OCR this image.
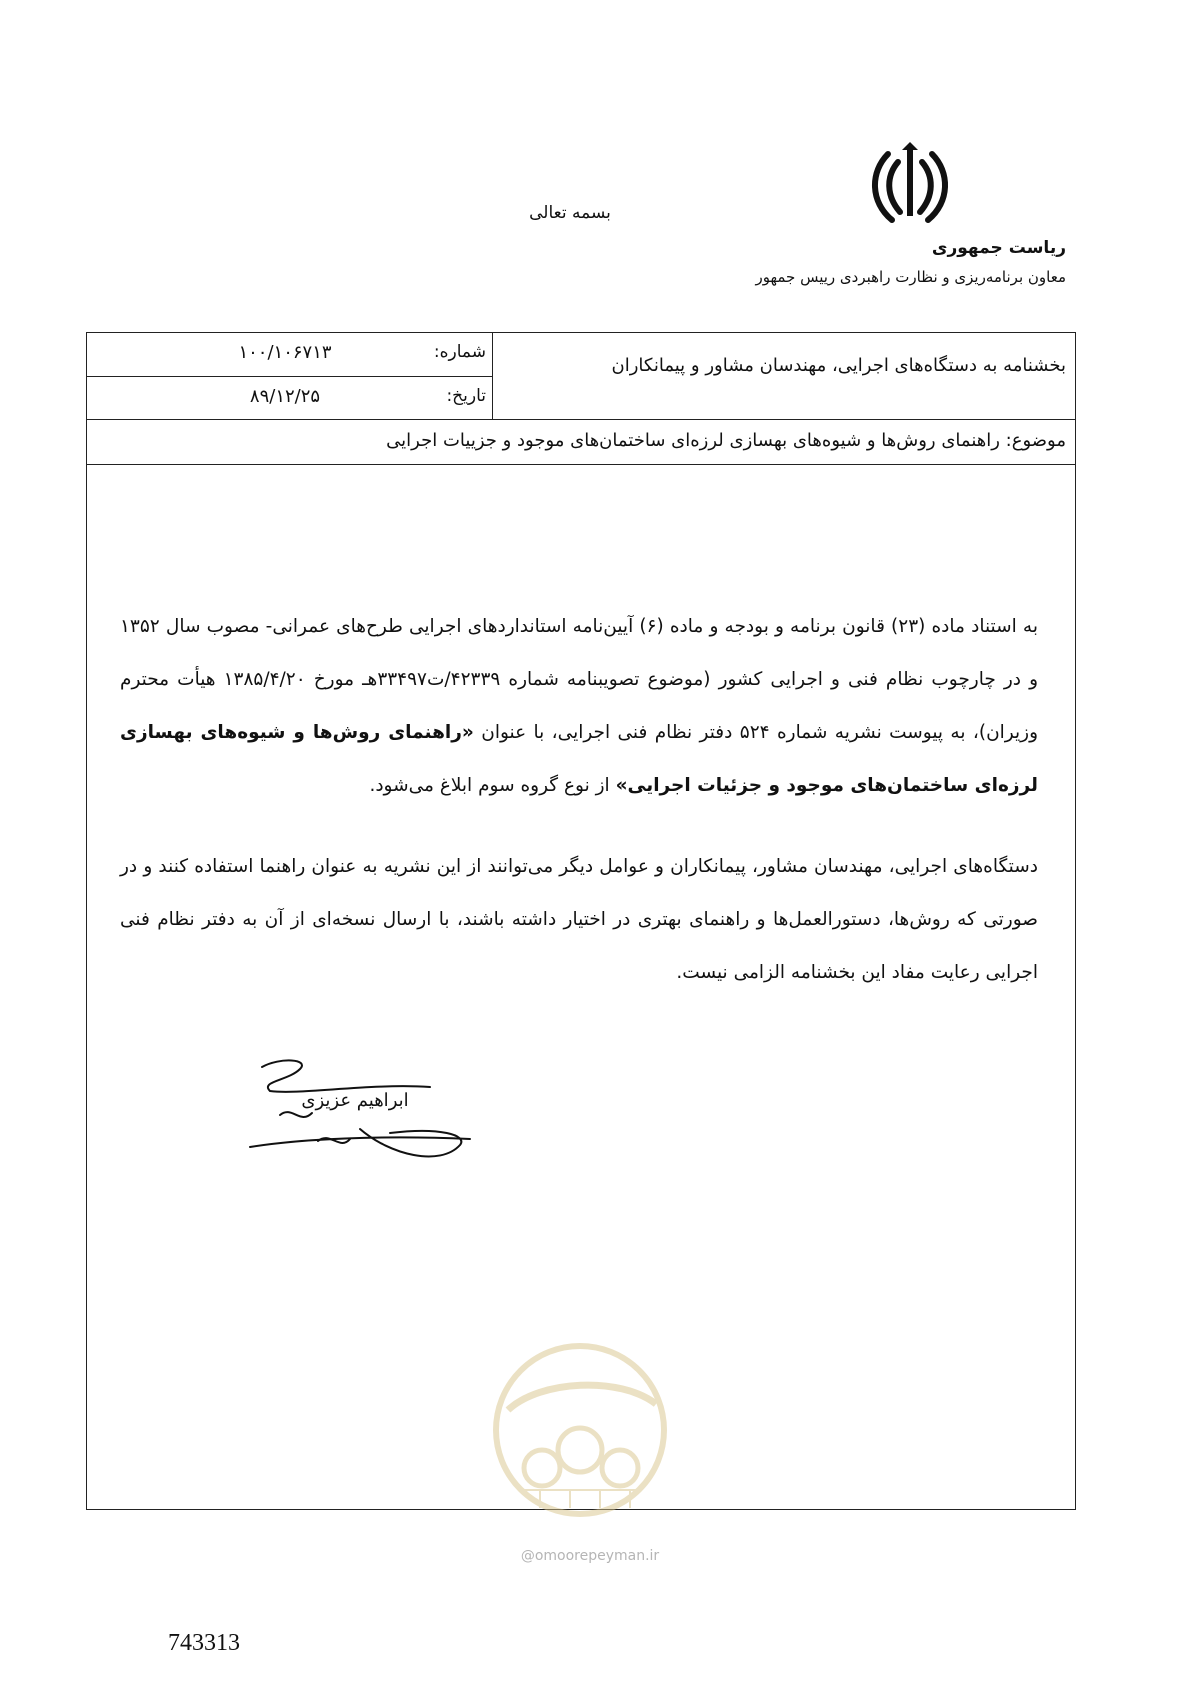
بسمه تعالی
ریاست جمهوری
معاون برنامه‌ریزی و نظارت راهبردی رییس جمهور
بخشنامه به دستگاه‌های اجرایی، مهندسان مشاور و پیمانکاران
شماره:
۱۰۰/۱۰۶۷۱۳
تاریخ:
۸۹/۱۲/۲۵
موضوع: راهنمای روش‌ها و شیوه‌های بهسازی لرزه‌ای ساختمان‌های موجود و جزییات اجرایی
به استناد ماده (۲۳) قانون برنامه و بودجه و ماده (۶) آیین‌نامه استانداردهای اجرایی طرح‌های عمرانی- مصوب سال ۱۳۵۲ و در چارچوب نظام فنی و اجرایی کشور (موضوع تصویبنامه شماره ۴۲۳۳۹/ت۳۳۴۹۷هـ مورخ ۱۳۸۵/۴/۲۰ هیأت محترم وزیران)، به پیوست نشریه شماره ۵۲۴ دفتر نظام فنی اجرایی، با عنوان «راهنمای روش‌ها و شیوه‌های بهسازی لرزه‌ای ساختمان‌های موجود و جزئیات اجرایی» از نوع گروه سوم ابلاغ می‌شود.
دستگاه‌های اجرایی، مهندسان مشاور، پیمانکاران و عوامل دیگر می‌توانند از این نشریه به عنوان راهنما استفاده کنند و در صورتی که روش‌ها، دستورالعمل‌ها و راهنمای بهتری در اختیار داشته باشند، با ارسال نسخه‌ای از آن به دفتر نظام فنی اجرایی رعایت مفاد این بخشنامه الزامی نیست.
ابراهیم عزیزی
@omoorepeyman.ir
743313
